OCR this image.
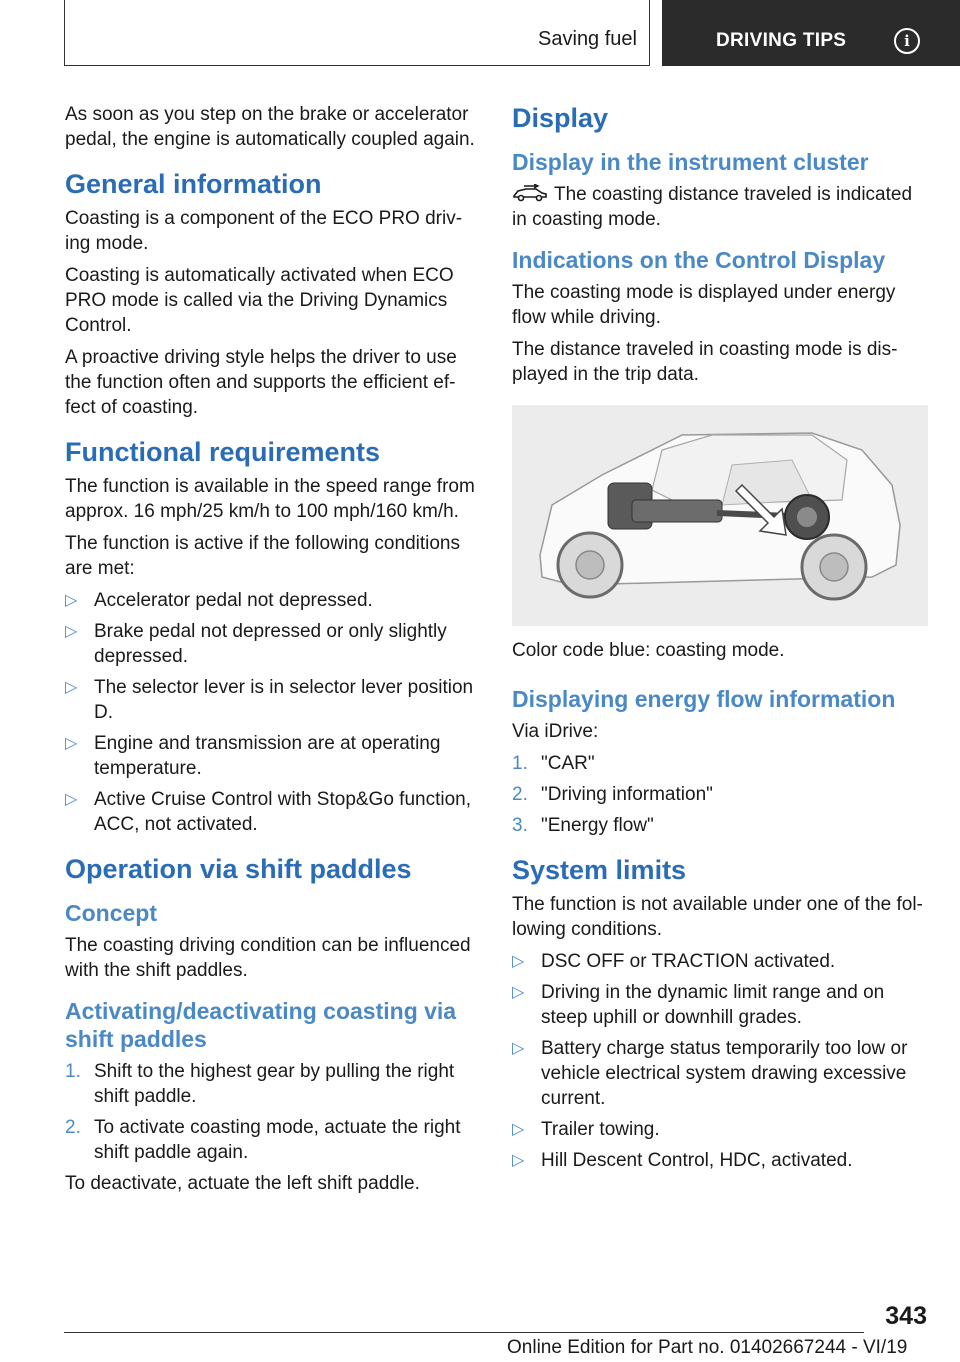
Saving fuel	DRIVING TIPS	i

As soon as you step on the brake or accelerator pedal, the engine is automatically coupled again.

General information

Coasting is a component of the ECO PRO driv‐ ing mode.

Coasting is automatically activated when ECO PRO mode is called via the Driving Dynamics Control.

A proactive driving style helps the driver to use the function often and supports the efficient ef‐ fect of coasting.

Functional requirements

The function is available in the speed range from approx. 16 mph/25 km/h to 100 mph/160 km/h.

The function is active if the following conditions are met:

▷ Accelerator pedal not depressed.
▷ Brake pedal not depressed or only slightly depressed.
▷ The selector lever is in selector lever position D.
▷ Engine and transmission are at operating temperature.
▷ Active Cruise Control with Stop&Go function, ACC, not activated.
Operation via shift paddles
Concept

The coasting driving condition can be influenced with the shift paddles.

Activating/deactivating coasting via shift paddles
1. Shift to the highest gear by pulling the right shift paddle.
2. To activate coasting mode, actuate the right shift paddle again.

To deactivate, actuate the left shift paddle.

Display
Display in the instrument cluster

The coasting distance traveled is indicated in coasting mode.

Indications on the Control Display

The coasting mode is displayed under energy flow while driving.

The distance traveled in coasting mode is dis‐ played in the trip data.

Color code blue: coasting mode.

Displaying energy flow information

Via iDrive:

1. "CAR"
2. "Driving information"
3. "Energy flow"
System limits

The function is not available under one of the fol‐ lowing conditions.

▷ DSC OFF or TRACTION activated.
▷ Driving in the dynamic limit range and on steep uphill or downhill grades.
▷ Battery charge status temporarily too low or vehicle electrical system drawing excessive current.
▷ Trailer towing.
▷ Hill Descent Control, HDC, activated.
343
Online Edition for Part no. 01402667244 - VI/19
